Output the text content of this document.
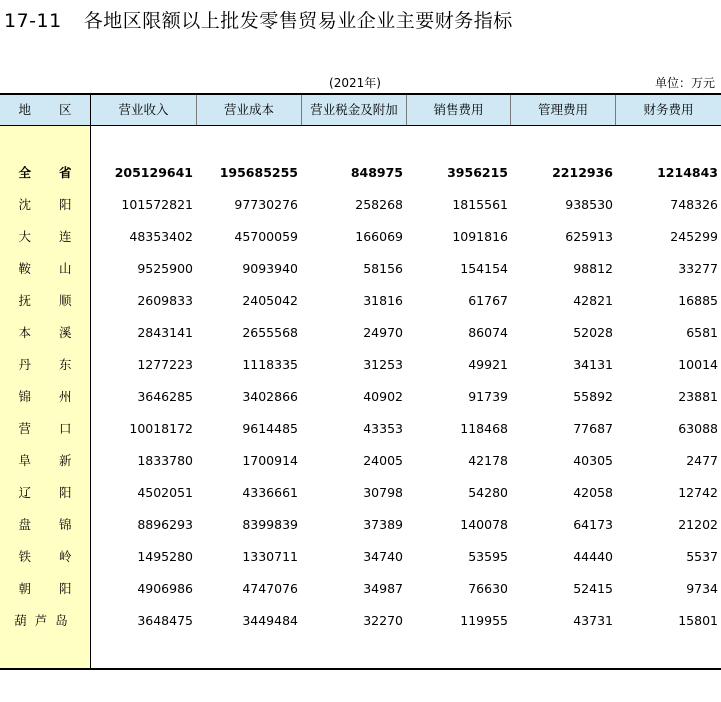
17-11 各地区限额以上批发零售贸易业企业主要财务指标
(2021年)	单位：万元
地 区	营业收入	营业成本	营业税金及附加	销售费用	管理费用	财务费用
全 省	205129641 195685255	848975	3956215	2212936	1214843
沈 阳	101572821	97730276	258268	1815561	938530	748326
大 连	48353402	45700059	166069	1091816	625913	245299
鞍 山	9525900	9093940	58156	154154	98812	33277
抚 顺	2609833	2405042	31816	61767	42821	16885
本 溪	2843141	2655568	24970	86074	52028	6581
丹 东	1277223	1118335	31253	49921	34131	10014
锦 州	3646285	3402866	40902	91739	55892	23881
营 口	10018172	9614485	43353	118468	77687	63088
阜 新	1833780	1700914	24005	42178	40305	2477
辽 阳	4502051	4336661	30798	54280	42058	12742
盘 锦	8896293	8399839	37389	140078	64173	21202
铁 岭	1495280	1330711	34740	53595	44440	5537
朝 阳	4906986	4747076	34987	76630	52415	9734
葫芦岛	3648475	3449484	32270	119955	43731	15801
